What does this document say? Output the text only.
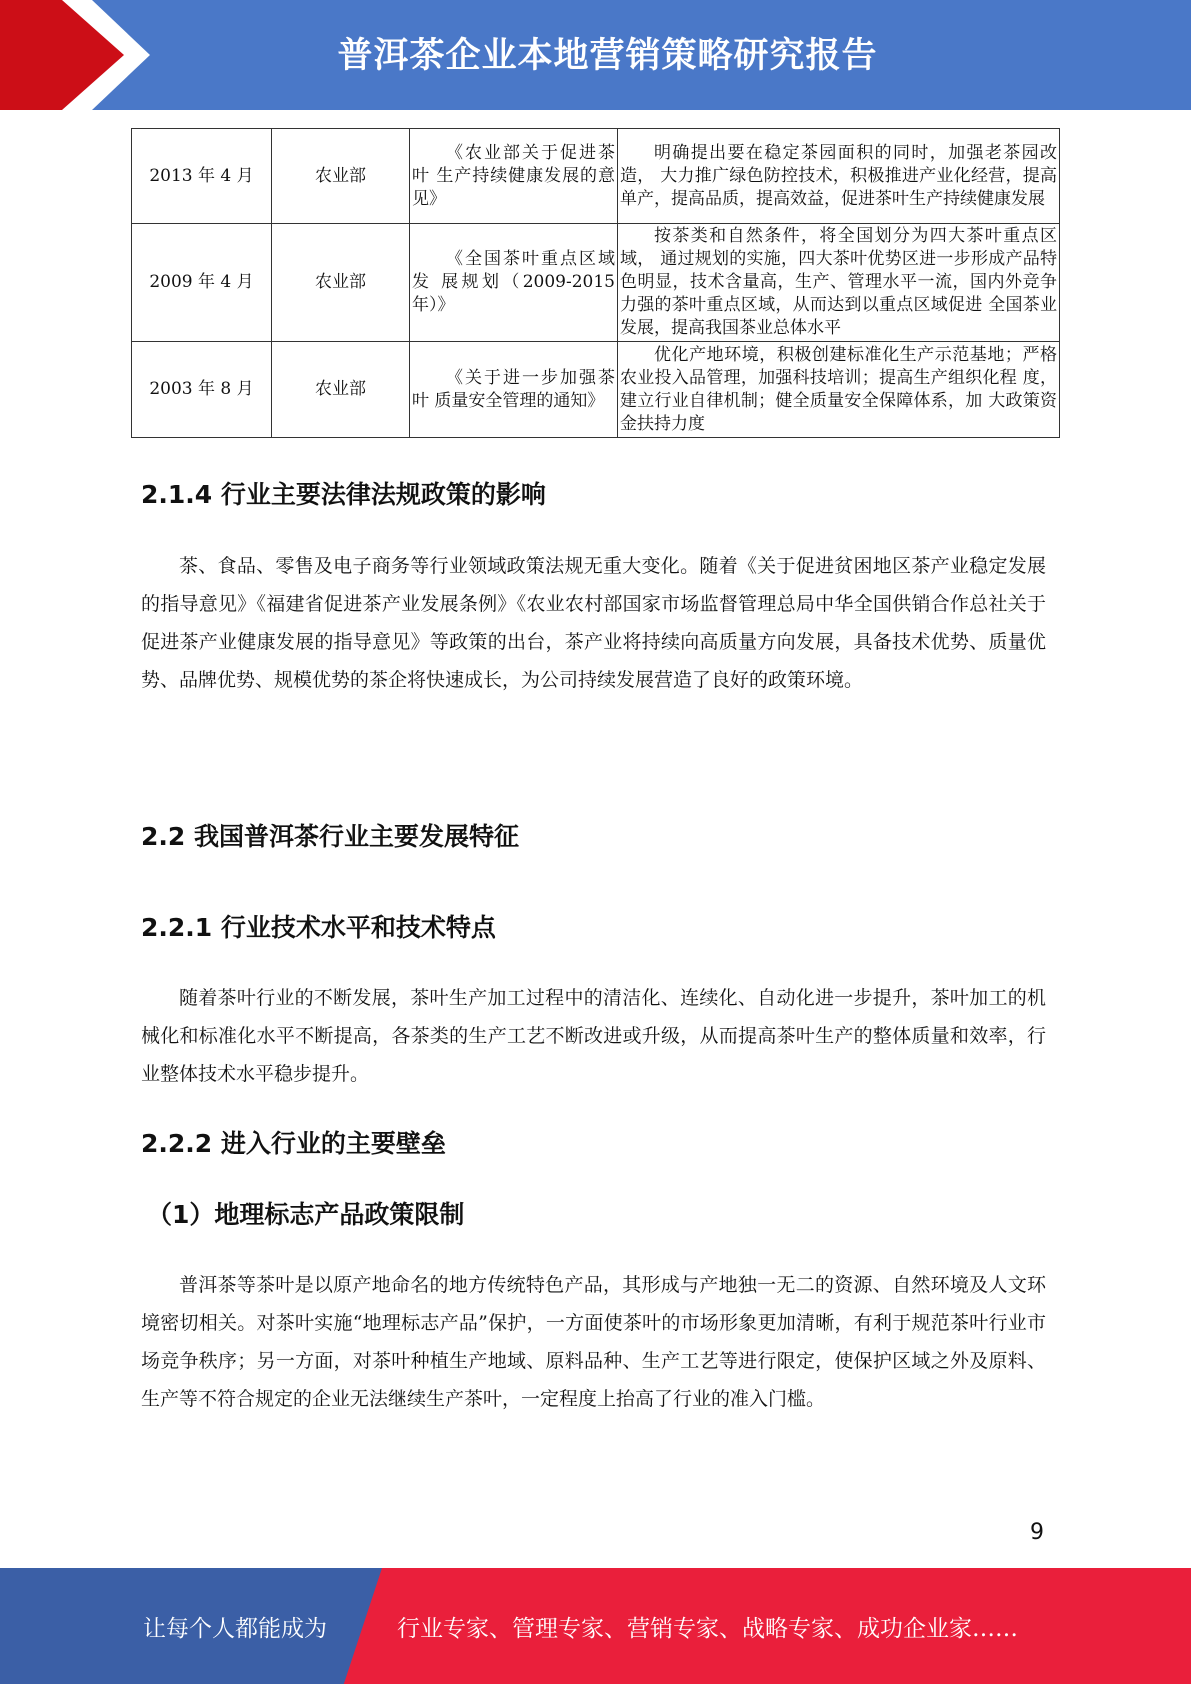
普洱茶企业本地营销策略研究报告
2013 年 4 月	农业部	《农业部关于促进茶叶 生产持续健康发展的意 见》	明确提出要在稳定茶园面积的同时，加强老茶园改造， 大力推广绿色防控技术，积极推进产业化经营，提高 单产，提高品质，提高效益，促进茶叶生产持续健康发展
2009 年 4 月	农业部	《全国茶叶重点区域发 展规划（2009-2015 年）》	按茶类和自然条件，将全国划分为四大茶叶重点区域， 通过规划的实施，四大茶叶优势区进一步形成产品特 色明显，技术含量高，生产、管理水平一流，国内外竞争力强的茶叶重点区域，从而达到以重点区域促进 全国茶业发展，提高我国茶业总体水平
2003 年 8 月	农业部	《关于进一步加强茶叶 质量安全管理的通知》	优化产地环境，积极创建标准化生产示范基地；严格农业投入品管理，加强科技培训；提高生产组织化程 度，建立行业自律机制；健全质量安全保障体系，加 大政策资金扶持力度
2.1.4 行业主要法律法规政策的影响

茶、食品、零售及电子商务等行业领域政策法规无重大变化。随着《关于促进贫困地区茶产业稳定发展的指导意见》《福建省促进茶产业发展条例》《农业农村部国家市场监督管理总局中华全国供销合作总社关于促进茶产业健康发展的指导意见》等政策的出台，茶产业将持续向高质量方向发展，具备技术优势、质量优势、品牌优势、规模优势的茶企将快速成长，为公司持续发展营造了良好的政策环境。

2.2 我国普洱茶行业主要发展特征
2.2.1 行业技术水平和技术特点

随着茶叶行业的不断发展，茶叶生产加工过程中的清洁化、连续化、自动化进一步提升，茶叶加工的机械化和标准化水平不断提高，各茶类的生产工艺不断改进或升级，从而提高茶叶生产的整体质量和效率，行业整体技术水平稳步提升。

2.2.2 进入行业的主要壁垒
（1）地理标志产品政策限制

普洱茶等茶叶是以原产地命名的地方传统特色产品，其形成与产地独一无二的资源、自然环境及人文环境密切相关。对茶叶实施“地理标志产品”保护，一方面使茶叶的市场形象更加清晰，有利于规范茶叶行业市场竞争秩序；另一方面，对茶叶种植生产地域、原料品种、生产工艺等进行限定，使保护区域之外及原料、生产等不符合规定的企业无法继续生产茶叶，一定程度上抬高了行业的准入门槛。

9
让每个人都能成为	行业专家、管理专家、营销专家、战略专家、成功企业家……
